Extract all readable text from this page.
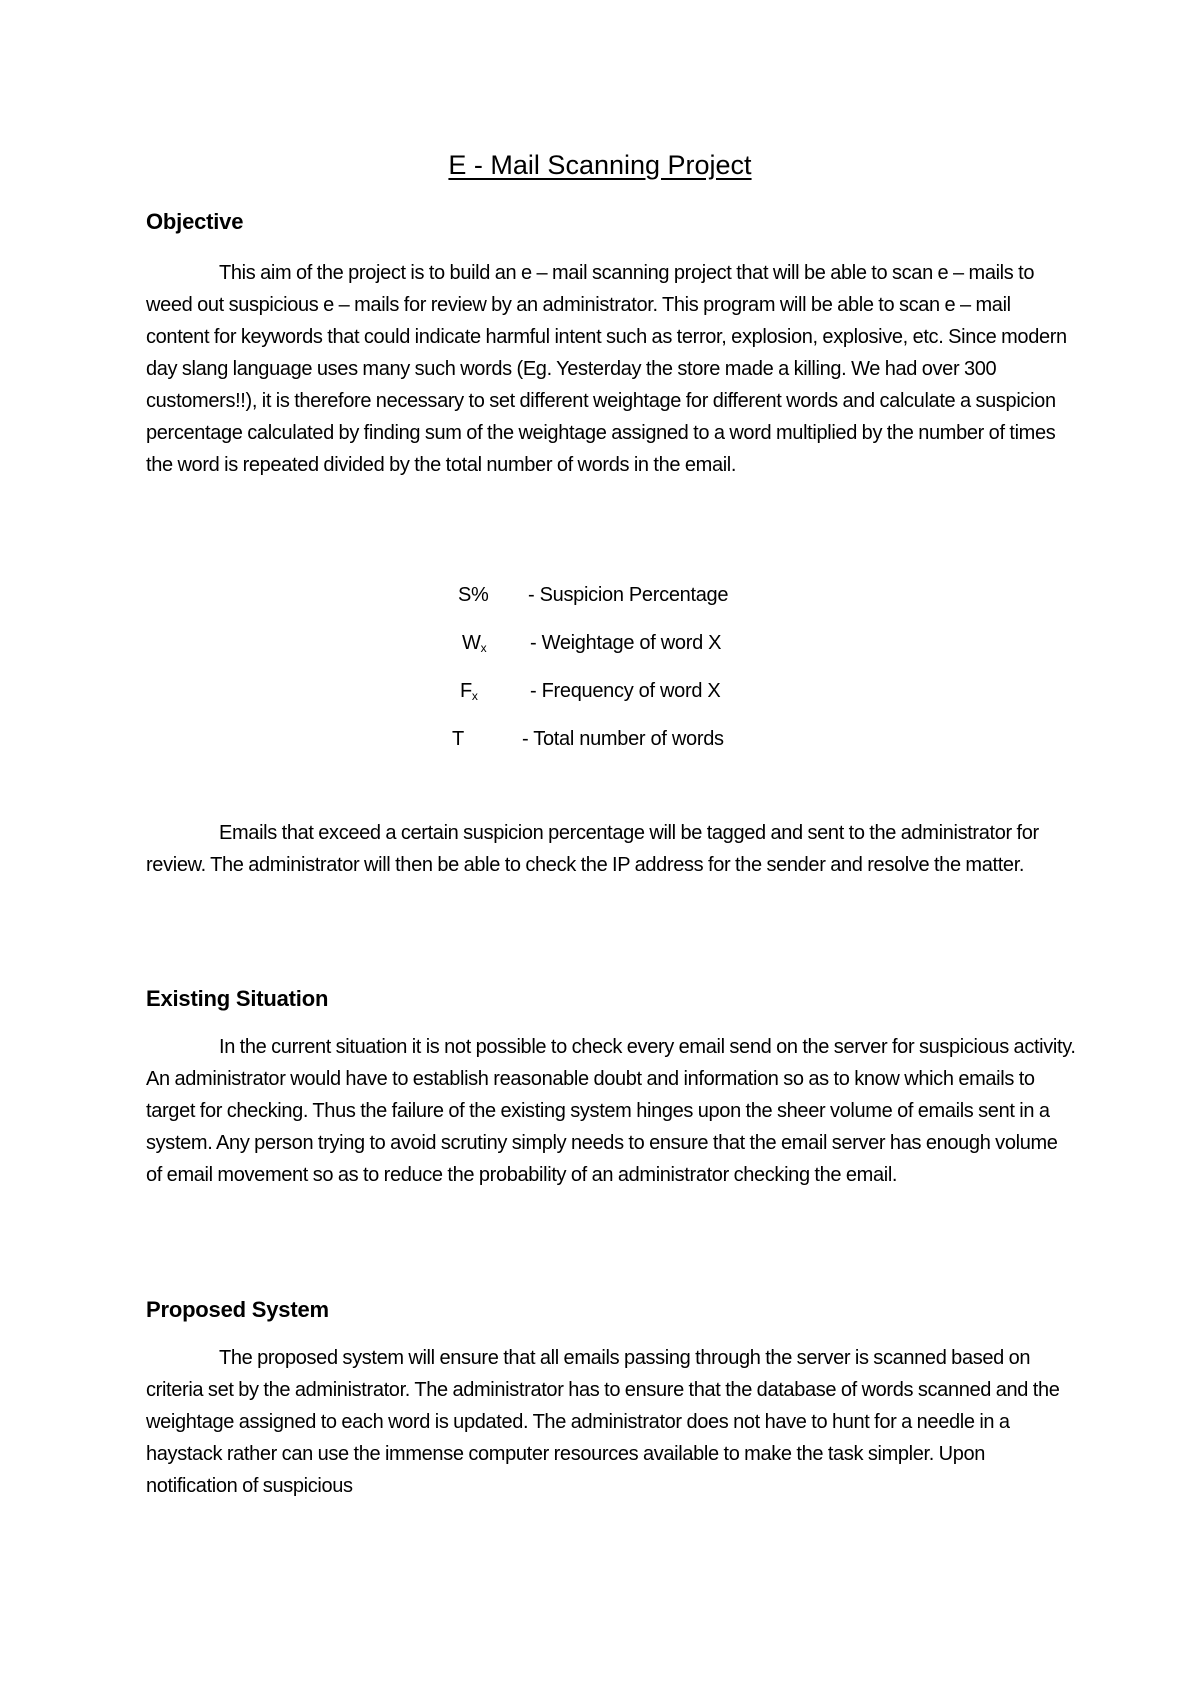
E - Mail Scanning Project
Objective

This aim of the project is to build an e – mail scanning project that will be able to scan e – mails to weed out suspicious e – mails for review by an administrator. This program will be able to scan e – mail content for keywords that could indicate harmful intent such as terror, explosion, explosive, etc. Since modern day slang language uses many such words (Eg. Yesterday the store made a killing. We had over 300 customers!!), it is therefore necessary to set different weightage for different words and calculate a suspicion percentage calculated by finding sum of the weightage assigned to a word multiplied by the number of times the word is repeated divided by the total number of words in the email.

S% - Suspicion Percentage
$W_x$ - Weightage of word X
$F_x$	- Frequency of word X
T	- Total number of words

Emails that exceed a certain suspicion percentage will be tagged and sent to the administrator for review. The administrator will then be able to check the IP address for the sender and resolve the matter.

Existing Situation

In the current situation it is not possible to check every email send on the server for suspicious activity. An administrator would have to establish reasonable doubt and information so as to know which emails to target for checking. Thus the failure of the existing system hinges upon the sheer volume of emails sent in a system. Any person trying to avoid scrutiny simply needs to ensure that the email server has enough volume of email movement so as to reduce the probability of an administrator checking the email.

Proposed System

The proposed system will ensure that all emails passing through the server is scanned based on criteria set by the administrator. The administrator has to ensure that the database of words scanned and the weightage assigned to each word is updated. The administrator does not have to hunt for a needle in a haystack rather can use the immense computer resources available to make the task simpler. Upon notification of suspicious
